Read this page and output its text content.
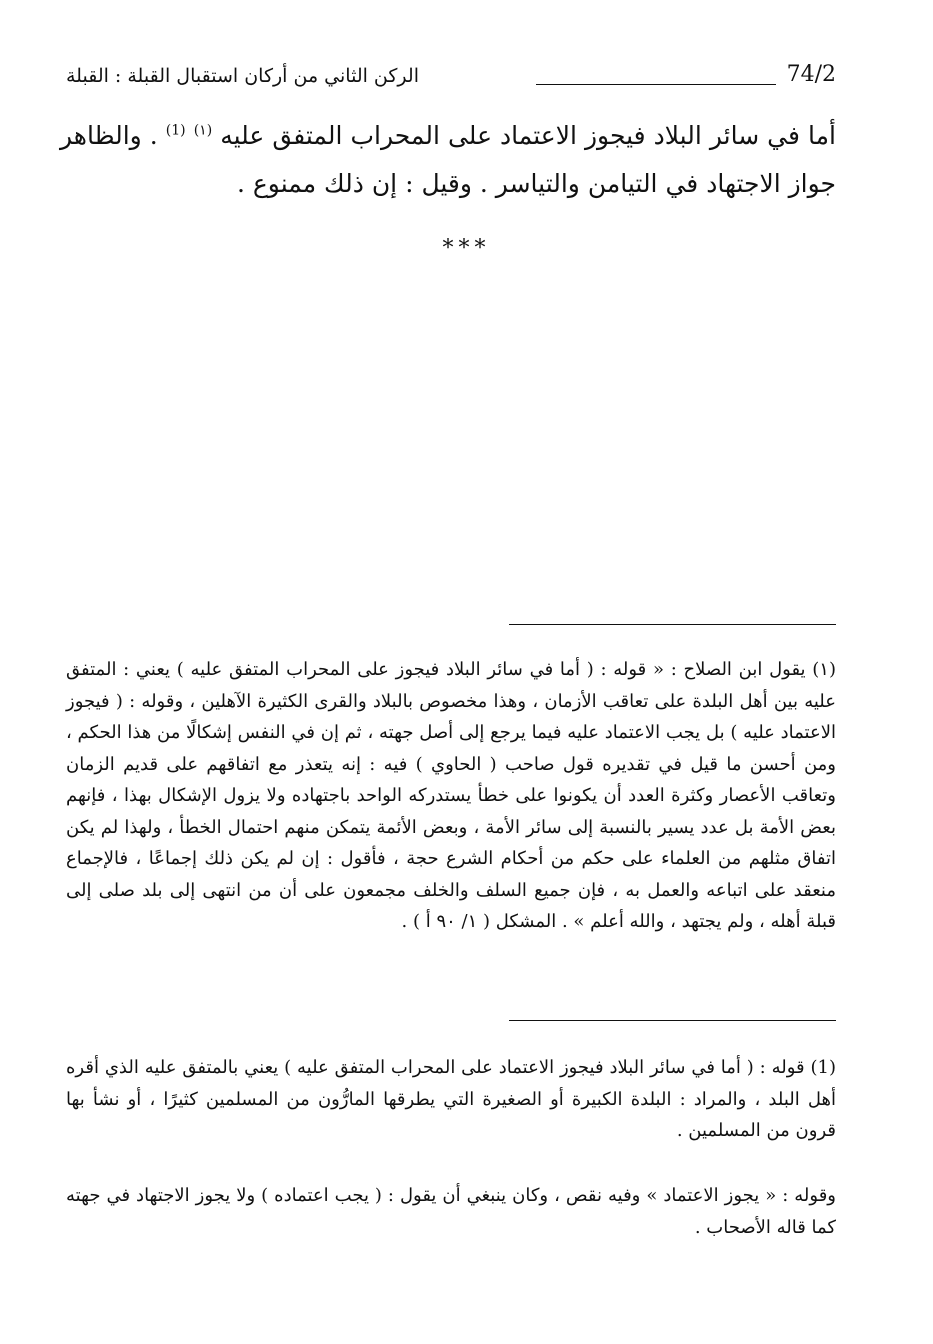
74/2
الركن الثاني من أركان استقبال القبلة : القبلة
أما في سائر البلاد فيجوز الاعتماد على المحراب المتفق عليه $^{(١)}$ $^{(1)}$ . والظاهر جواز الاجتهاد في التيامن والتياسر . وقيل : إن ذلك ممنوع .
***
(١) يقول ابن الصلاح : « قوله : ( أما في سائر البلاد فيجوز على المحراب المتفق عليه ) يعني : المتفق عليه بين أهل البلدة على تعاقب الأزمان ، وهذا مخصوص بالبلاد والقرى الكثيرة الآهلين ، وقوله : ( فيجوز الاعتماد عليه ) بل يجب الاعتماد عليه فيما يرجع إلى أصل جهته ، ثم إن في النفس إشكالًا من هذا الحكم ، ومن أحسن ما قيل في تقديره قول صاحب ( الحاوي ) فيه : إنه يتعذر مع اتفاقهم على قديم الزمان وتعاقب الأعصار وكثرة العدد أن يكونوا على خطأ يستدركه الواحد باجتهاده ولا يزول الإشكال بهذا ، فإنهم بعض الأمة بل عدد يسير بالنسبة إلى سائر الأمة ، وبعض الأئمة يتمكن منهم احتمال الخطأ ، ولهذا لم يكن اتفاق مثلهم من العلماء على حكم من أحكام الشرع حجة ، فأقول : إن لم يكن ذلك إجماعًا ، فالإجماع منعقد على اتباعه والعمل به ، فإن جميع السلف والخلف مجمعون على أن من انتهى إلى بلد صلى إلى قبلة أهله ، ولم يجتهد ، والله أعلم » . المشكل ( ١/ ٩٠ أ ) .
(1) قوله : ( أما في سائر البلاد فيجوز الاعتماد على المحراب المتفق عليه ) يعني بالمتفق عليه الذي أقره أهل البلد ، والمراد : البلدة الكبيرة أو الصغيرة التي يطرقها المارُّون من المسلمين كثيرًا ، أو نشأ بها قرون من المسلمين .
وقوله : « يجوز الاعتماد » وفيه نقص ، وكان ينبغي أن يقول : ( يجب اعتماده ) ولا يجوز الاجتهاد في جهته كما قاله الأصحاب .
